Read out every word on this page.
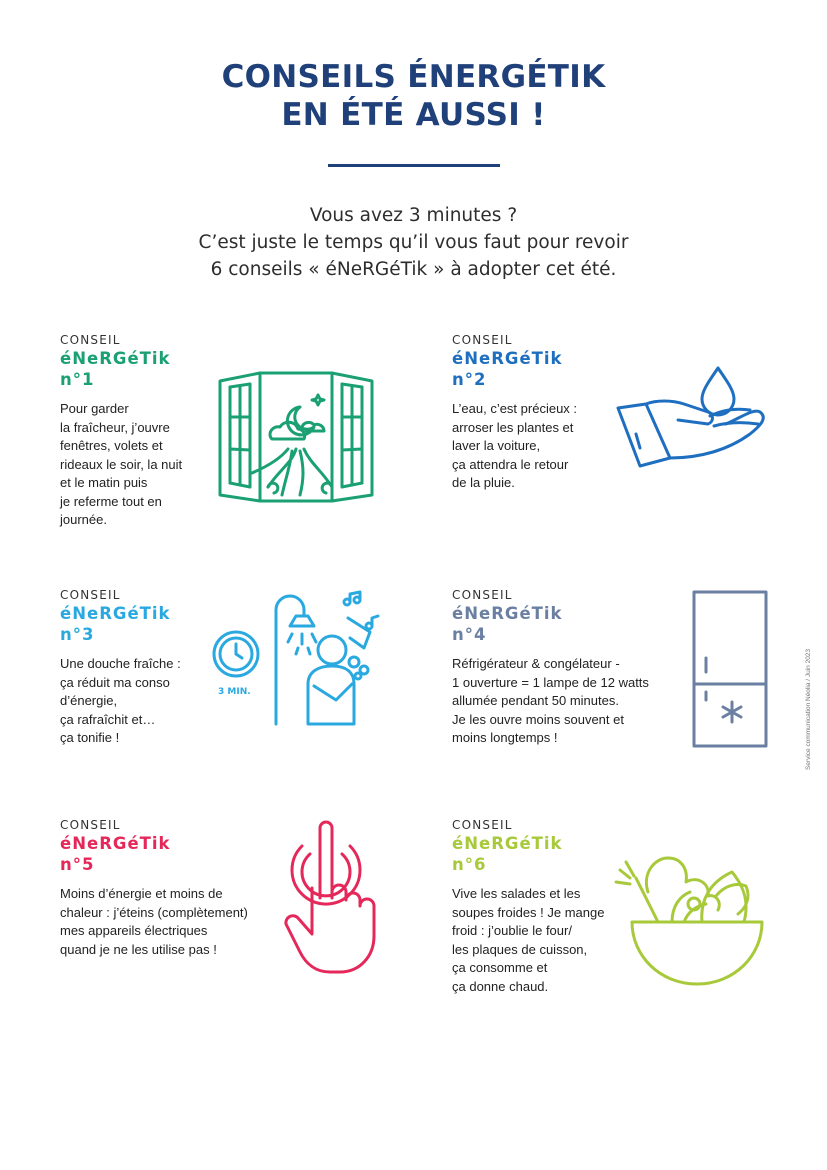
CONSEILS ÉNERGÉTIK
EN ÉTÉ AUSSI !
Vous avez 3 minutes ?
C’est juste le temps qu’il vous faut pour revoir
6 conseils « éNeRGéTik » à adopter cet été.
CONSEIL
éNeRGéTik
n°1
Pour garder
la fraîcheur, j’ouvre
fenêtres, volets et
rideaux le soir, la nuit
et le matin puis
je referme tout en
journée.
CONSEIL
éNeRGéTik
n°2
L’eau, c’est précieux :
arroser les plantes et
laver la voiture,
ça attendra le retour
de la pluie.
CONSEIL
éNeRGéTik
n°3
Une douche fraîche :
ça réduit ma conso
d’énergie,
ça rafraîchit et…
ça tonifie !
3 MIN.
CONSEIL
éNeRGéTik
n°4
Réfrigérateur & congélateur -
1 ouverture = 1 lampe de 12 watts
allumée pendant 50 minutes.
Je les ouvre moins souvent et
moins longtemps !
CONSEIL
éNeRGéTik
n°5
Moins d’énergie et moins de
chaleur : j’éteins (complètement)
mes appareils électriques
quand je ne les utilise pas !
CONSEIL
éNeRGéTik
n°6
Vive les salades et les
soupes froides ! Je mange
froid : j’oublie le four/
les plaques de cuisson,
ça consomme et
ça donne chaud.
Service communication Néolia / Juin 2023
